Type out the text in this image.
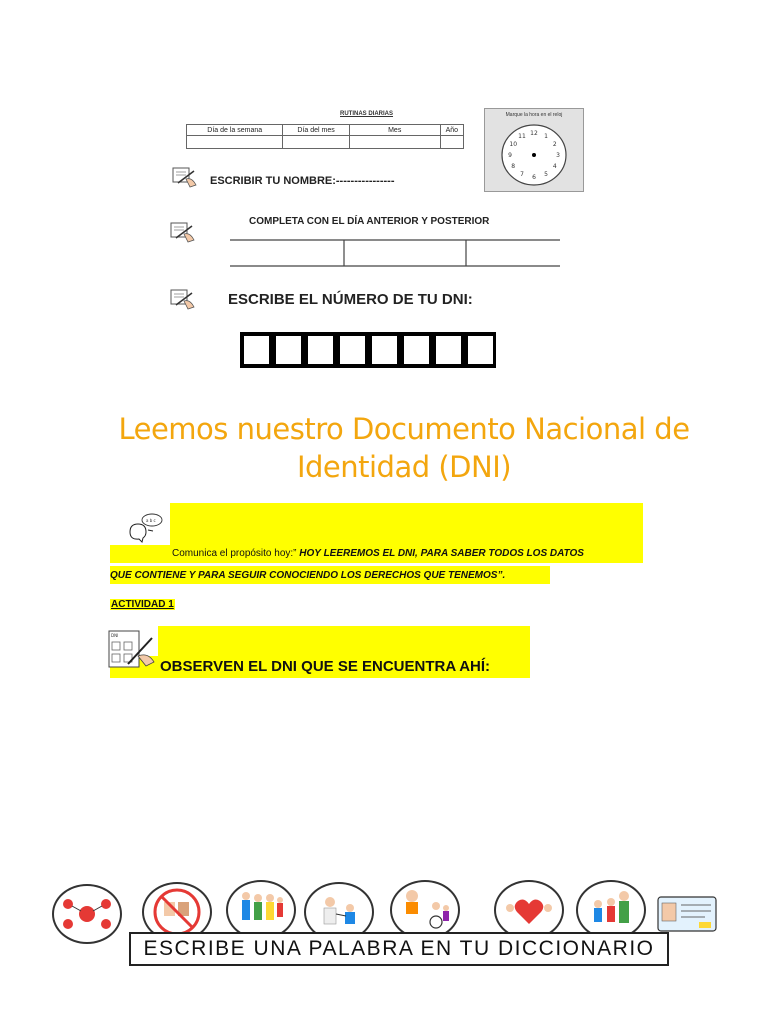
RUTINAS DIARIAS
Día de la semana	Día del mes	Mes	Año

Marque la hora en el reloj
12 1
2
3
4
5
6
7
8
9
10
11
ESCRIBIR TU NOMBRE:----------------
COMPLETA CON EL DÍA ANTERIOR Y POSTERIOR
ESCRIBE EL NÚMERO DE TU DNI:
Leemos nuestro Documento Nacional de
Identidad (DNI)
a b c
Comunica el propósito hoy:” HOY LEEREMOS EL DNI, PARA SABER TODOS LOS DATOS
QUE CONTIENE Y PARA SEGUIR CONOCIENDO LOS DERECHOS QUE TENEMOS”.
ACTIVIDAD 1
DNI
OBSERVEN EL DNI QUE SE ENCUENTRA AHÍ:
ESCRIBE UNA PALABRA EN TU DICCIONARIO
